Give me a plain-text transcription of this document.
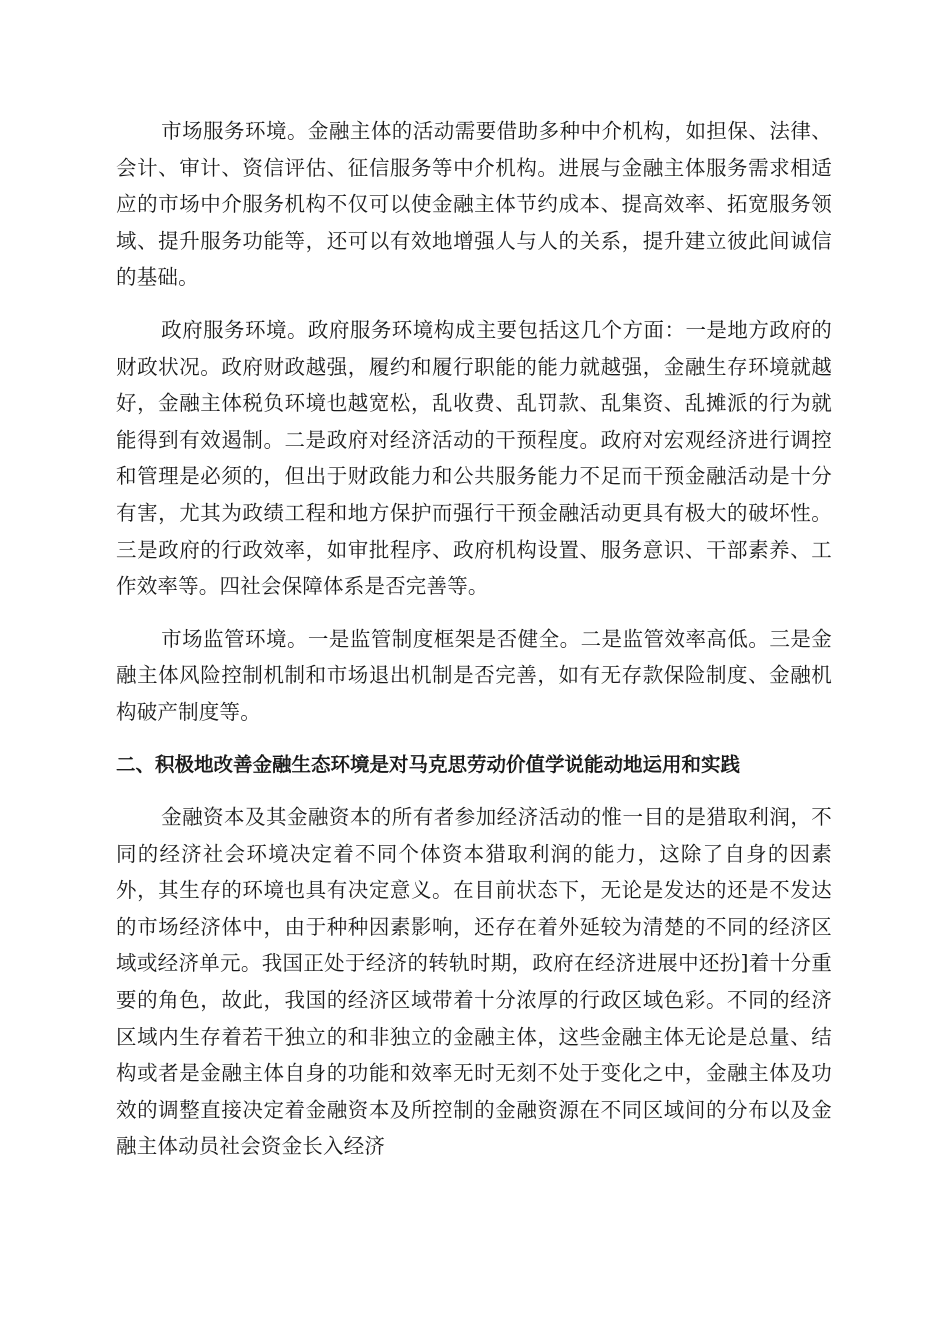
市场服务环境。金融主体的活动需要借助多种中介机构，如担保、法律、会计、审计、资信评估、征信服务等中介机构。进展与金融主体服务需求相适应的市场中介服务机构不仅可以使金融主体节约成本、提高效率、拓宽服务领域、提升服务功能等，还可以有效地增强人与人的关系，提升建立彼此间诚信的基础。

政府服务环境。政府服务环境构成主要包括这几个方面：一是地方政府的财政状况。政府财政越强，履约和履行职能的能力就越强，金融生存环境就越好，金融主体税负环境也越宽松，乱收费、乱罚款、乱集资、乱摊派的行为就能得到有效遏制。二是政府对经济活动的干预程度。政府对宏观经济进行调控和管理是必须的，但出于财政能力和公共服务能力不足而干预金融活动是十分有害，尤其为政绩工程和地方保护而强行干预金融活动更具有极大的破坏性。三是政府的行政效率，如审批程序、政府机构设置、服务意识、干部素养、工作效率等。四社会保障体系是否完善等。

市场监管环境。一是监管制度框架是否健全。二是监管效率高低。三是金融主体风险控制机制和市场退出机制是否完善，如有无存款保险制度、金融机构破产制度等。

二、积极地改善金融生态环境是对马克思劳动价值学说能动地运用和实践

金融资本及其金融资本的所有者参加经济活动的惟一目的是猎取利润，不同的经济社会环境决定着不同个体资本猎取利润的能力，这除了自身的因素外，其生存的环境也具有决定意义。在目前状态下，无论是发达的还是不发达的市场经济体中，由于种种因素影响，还存在着外延较为清楚的不同的经济区域或经济单元。我国正处于经济的转轨时期，政府在经济进展中还扮]着十分重要的角色，故此，我国的经济区域带着十分浓厚的行政区域色彩。不同的经济区域内生存着若干独立的和非独立的金融主体，这些金融主体无论是总量、结构或者是金融主体自身的功能和效率无时无刻不处于变化之中，金融主体及功效的调整直接决定着金融资本及所控制的金融资源在不同区域间的分布以及金融主体动员社会资金长入经济
